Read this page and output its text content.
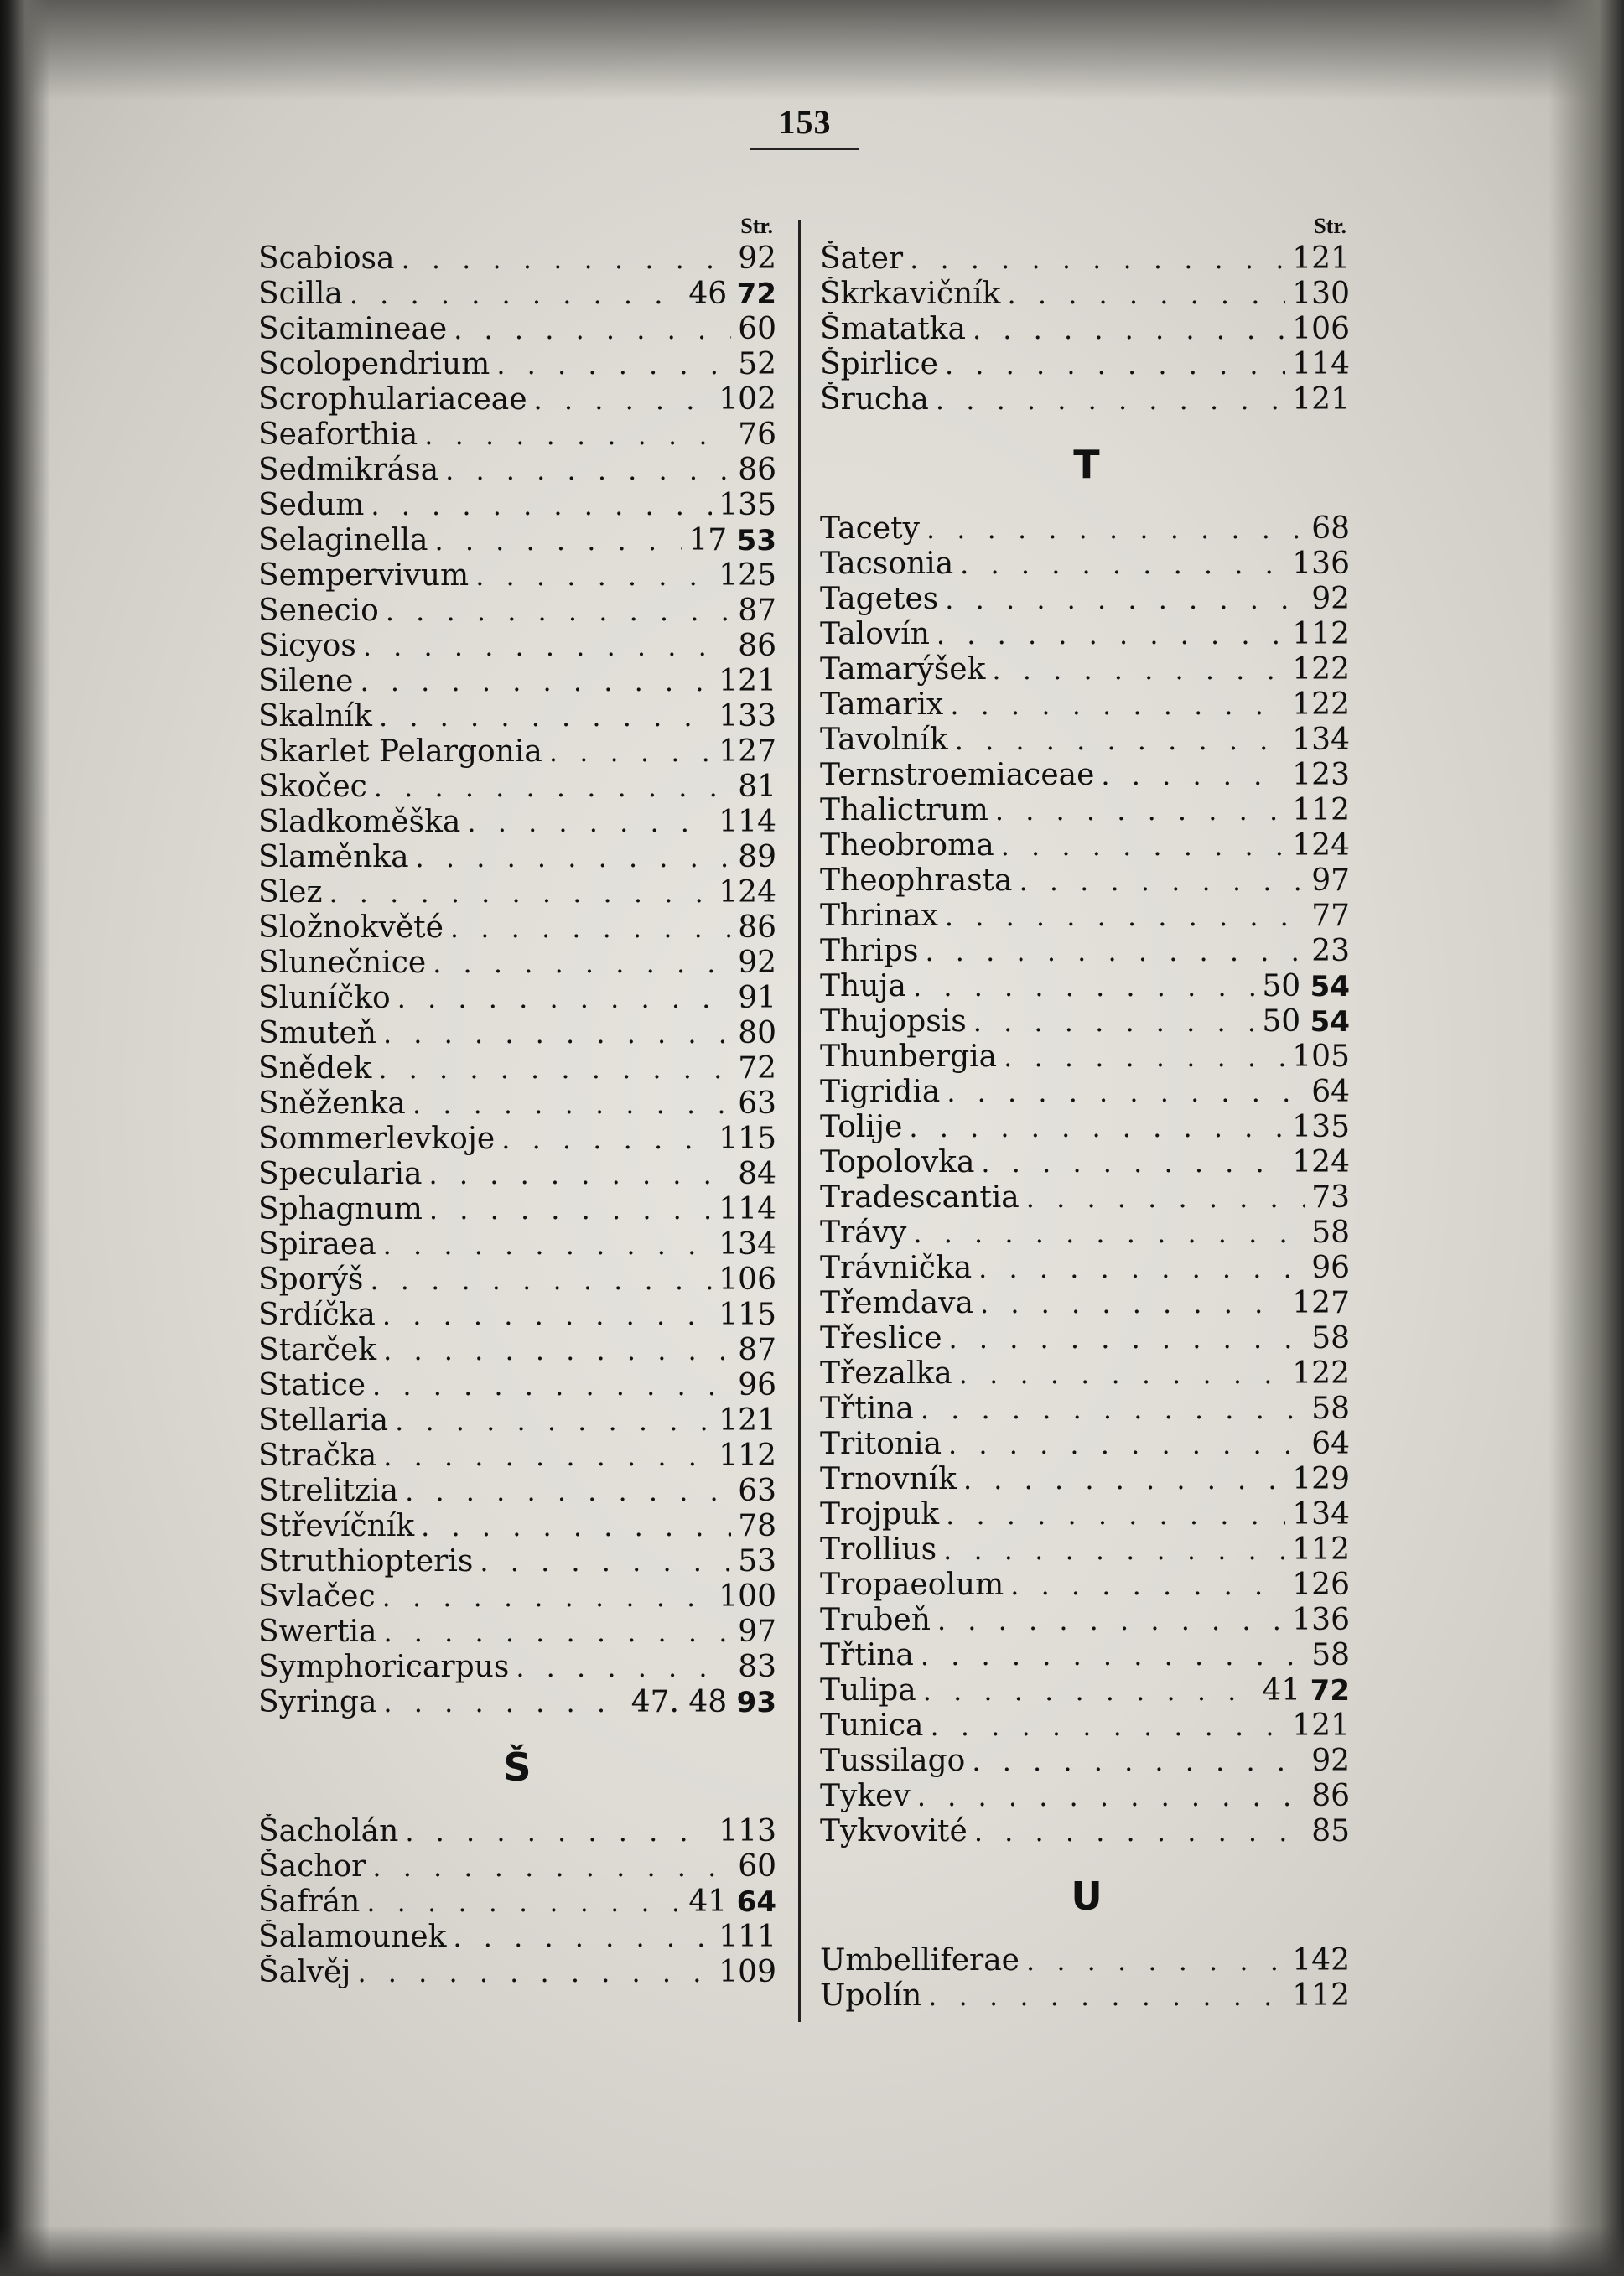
153
Str.
Scabiosa . . .	92
Scilla . . .	46 72
Scitamineae . . .	60
Scolopendrium . . .	52
Scrophulariaceae . . .	102
Seaforthia . . .	76
Sedmikrása . . .	86
Sedum . . .	135
Selaginella . . .	17 53
Sempervivum . . .	125
Senecio . . .	87
Sicyos . . .	86
Silene . . .	121
Skalník . . .	133
Skarlet Pelargonia . . .	127
Skočec . . .	81
Sladkoměška . . .	114
Slaměnka . . .	89
Slez . . .	124
Složnokvěté . . .	86
Slunečnice . . .	92
Sluníčko . . .	91
Smuteň . . .	80
Snědek . . .	72
Sněženka . . .	63
Sommerlevkoje . . .	115
Specularia . . .	84
Sphagnum . . .	114
Spiraea . . .	134
Sporýš . . .	106
Srdíčka . . .	115
Starček . . .	87
Statice . . .	96
Stellaria . . .	121
Stračka . . .	112
Strelitzia . . .	63
Střevíčník . . .	78
Struthiopteris . . .	53
Svlačec . . .	100
Swertia . . .	97
Symphoricarpus . . .	83
Syringa . . .	47. 48 93
Š
Šacholán . . .	113
Šachor . . .	60
Šafrán . . .	41 64
Šalamounek . . .	111
Šalvěj . . .	109
Str.
Šater . . .	121
Škrkavičník . . .	130
Šmatatka . . .	106
Špirlice . . .	114
Šrucha . . .	121
T
Tacety . . .	68
Tacsonia . . .	136
Tagetes . . .	92
Talovín . . .	112
Tamarýšek . . .	122
Tamarix . . .	122
Tavolník . . .	134
Ternstroemiaceae . . .	123
Thalictrum . . .	112
Theobroma . . .	124
Theophrasta . . .	97
Thrinax . . .	77
Thrips . . .	23
Thuja . . .	50 54
Thujopsis . . .	50 54
Thunbergia . . .	105
Tigridia . . .	64
Tolije . . .	135
Topolovka . . .	124
Tradescantia . . .	73
Trávy . . .	58
Trávnička . . .	96
Třemdava . . .	127
Třeslice . . .	58
Třezalka . . .	122
Třtina . . .	58
Tritonia . . .	64
Trnovník . . .	129
Trojpuk . . .	134
Trollius . . .	112
Tropaeolum . . .	126
Trubeň . . .	136
Třtina . . .	58
Tulipa . . .	41 72
Tunica . . .	121
Tussilago . . .	92
Tykev . . .	86
Tykvovité . . .	85
U
Umbelliferae . . .	142
Upolín . . .	112
